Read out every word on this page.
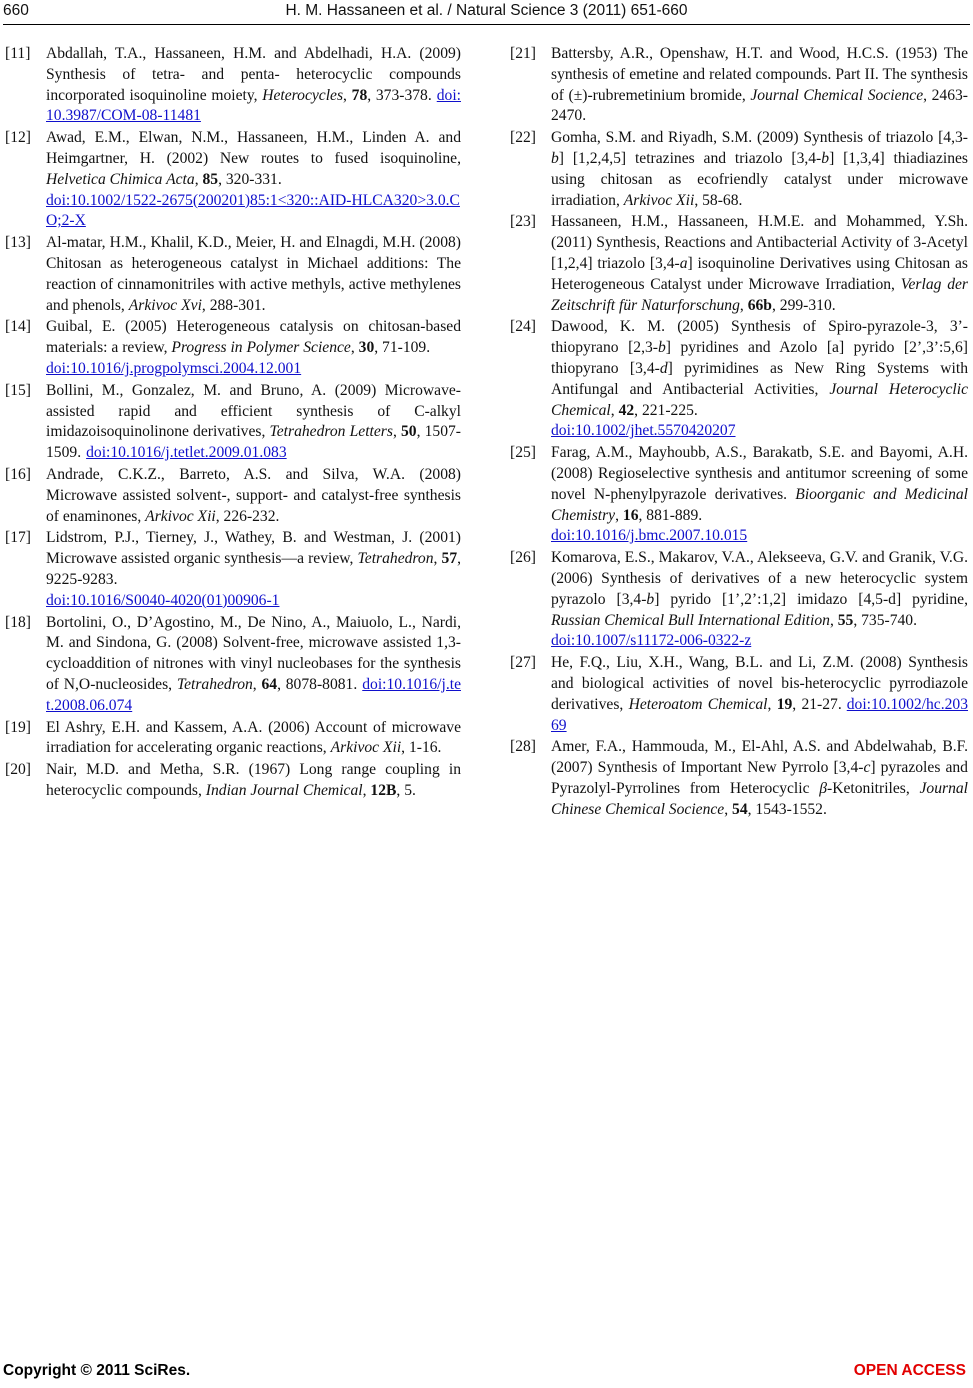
660	H. M. Hassaneen et al. / Natural Science 3 (2011) 651-660
[11] Abdallah, T.A., Hassaneen, H.M. and Abdelhadi, H.A. (2009) Synthesis of tetra- and penta- heterocyclic compounds incorporated isoquinoline moiety, Heterocycles, 78, 373-378. doi:10.3987/COM-08-11481
[12] Awad, E.M., Elwan, N.M., Hassaneen, H.M., Linden A. and Heimgartner, H. (2002) New routes to fused isoquinoline, Helvetica Chimica Acta, 85, 320-331.
doi:10.1002/1522-2675(200201)85:1<320::AID-HLCA320>3.0.CO;2-X
[13] Al-matar, H.M., Khalil, K.D., Meier, H. and Elnagdi, M.H. (2008) Chitosan as heterogeneous catalyst in Michael additions: The reaction of cinnamonitriles with active methyls, active methylenes and phenols, Arkivoc Xvi, 288-301.
[14] Guibal, E. (2005) Heterogeneous catalysis on chitosan-based materials: a review, Progress in Polymer Science, 30, 71-109.
doi:10.1016/j.progpolymsci.2004.12.001
[15] Bollini, M., Gonzalez, M. and Bruno, A. (2009) Microwave-assisted rapid and efficient synthesis of C-alkyl imidazoisoquinolinone derivatives, Tetrahedron Letters, 50, 1507-1509. doi:10.1016/j.tetlet.2009.01.083
[16] Andrade, C.K.Z., Barreto, A.S. and Silva, W.A. (2008) Microwave assisted solvent-, support- and catalyst-free synthesis of enaminones, Arkivoc Xii, 226-232.
[17] Lidstrom, P.J., Tierney, J., Wathey, B. and Westman, J. (2001) Microwave assisted organic synthesis—a review, Tetrahedron, 57, 9225-9283.
doi:10.1016/S0040-4020(01)00906-1
[18] Bortolini, O., D’Agostino, M., De Nino, A., Maiuolo, L., Nardi, M. and Sindona, G. (2008) Solvent-free, microwave assisted 1,3-cycloaddition of nitrones with vinyl nucleobases for the synthesis of N,O-nucleosides, Tetrahedron, 64, 8078-8081. doi:10.1016/j.tet.2008.06.074
[19] El Ashry, E.H. and Kassem, A.A. (2006) Account of microwave irradiation for accelerating organic reactions, Arkivoc Xii, 1-16.
[20] Nair, M.D. and Metha, S.R. (1967) Long range coupling in heterocyclic compounds, Indian Journal Chemical, 12B, 5.
[21] Battersby, A.R., Openshaw, H.T. and Wood, H.C.S. (1953) The synthesis of emetine and related compounds. Part II. The synthesis of (±)-rubremetinium bromide, Journal Chemical Socience, 2463-2470.
[22] Gomha, S.M. and Riyadh, S.M. (2009) Synthesis of triazolo [4,3-b] [1,2,4,5] tetrazines and triazolo [3,4-b] [1,3,4] thiadiazines using chitosan as ecofriendly catalyst under microwave irradiation, Arkivoc Xii, 58-68.
[23] Hassaneen, H.M., Hassaneen, H.M.E. and Mohammed, Y.Sh. (2011) Synthesis, Reactions and Antibacterial Activity of 3-Acetyl [1,2,4] triazolo [3,4-a] isoquinoline Derivatives using Chitosan as Heterogeneous Catalyst under Microwave Irradiation, Verlag der Zeitschrift für Naturforschung, 66b, 299-310.
[24] Dawood, K. M. (2005) Synthesis of Spiro-pyrazole-3, 3’-thiopyrano [2,3-b] pyridines and Azolo [a] pyrido [2’,3’:5,6] thiopyrano [3,4-d] pyrimidines as New Ring Systems with Antifungal and Antibacterial Activities, Journal Heterocyclic Chemical, 42, 221-225.
doi:10.1002/jhet.5570420207
[25] Farag, A.M., Mayhoubb, A.S., Barakatb, S.E. and Bayomi, A.H. (2008) Regioselective synthesis and antitumor screening of some novel N-phenylpyrazole derivatives. Bioorganic and Medicinal Chemistry, 16, 881-889.
doi:10.1016/j.bmc.2007.10.015
[26] Komarova, E.S., Makarov, V.A., Alekseeva, G.V. and Granik, V.G. (2006) Synthesis of derivatives of a new heterocyclic system pyrazolo [3,4-b] pyrido [1’,2’:1,2] imidazo [4,5-d] pyridine, Russian Chemical Bull International Edition, 55, 735-740.
doi:10.1007/s11172-006-0322-z
[27] He, F.Q., Liu, X.H., Wang, B.L. and Li, Z.M. (2008) Synthesis and biological activities of novel bis-heterocyclic pyrrodiazole derivatives, Heteroatom Chemical, 19, 21-27. doi:10.1002/hc.20369
[28] Amer, F.A., Hammouda, M., El-Ahl, A.S. and Abdelwahab, B.F. (2007) Synthesis of Important New Pyrrolo [3,4-c] pyrazoles and Pyrazolyl-Pyrrolines from Heterocyclic β-Ketonitriles, Journal Chinese Chemical Socience, 54, 1543-1552.
Copyright © 2011 SciRes.	OPEN ACCESS
